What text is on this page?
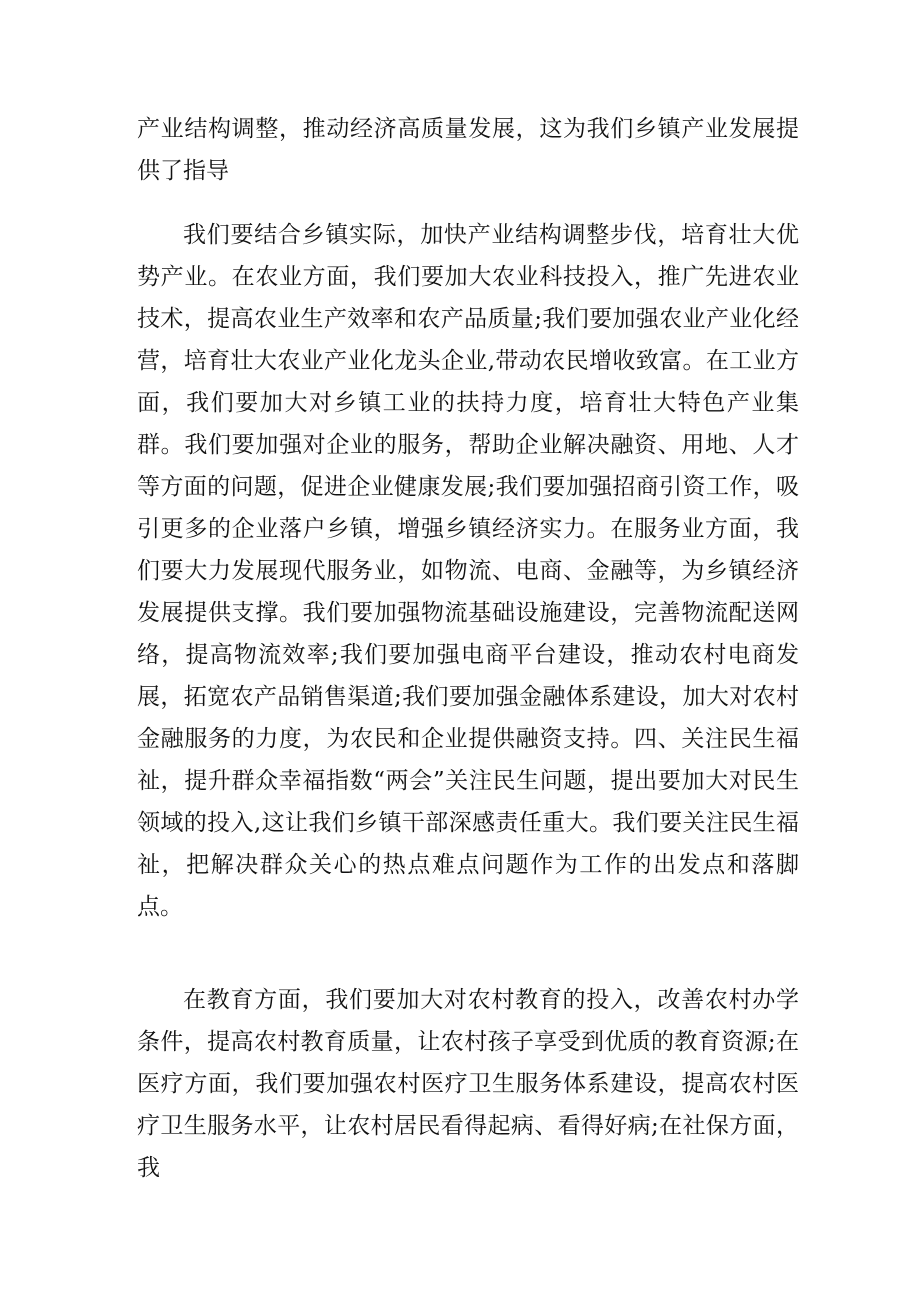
产业结构调整，推动经济高质量发展，这为我们乡镇产业发展提供了指导
我们要结合乡镇实际，加快产业结构调整步伐，培育壮大优势产业。在农业方面，我们要加大农业科技投入，推广先进农业技术，提高农业生产效率和农产品质量;我们要加强农业产业化经营，培育壮大农业产业化龙头企业,带动农民增收致富。在工业方面，我们要加大对乡镇工业的扶持力度，培育壮大特色产业集群。我们要加强对企业的服务，帮助企业解决融资、用地、人才等方面的问题，促进企业健康发展;我们要加强招商引资工作，吸引更多的企业落户乡镇，增强乡镇经济实力。在服务业方面，我们要大力发展现代服务业，如物流、电商、金融等，为乡镇经济发展提供支撑。我们要加强物流基础设施建设，完善物流配送网络，提高物流效率;我们要加强电商平台建设，推动农村电商发展，拓宽农产品销售渠道;我们要加强金融体系建设，加大对农村金融服务的力度，为农民和企业提供融资支持。四、关注民生福祉，提升群众幸福指数“两会”关注民生问题，提出要加大对民生领域的投入,这让我们乡镇干部深感责任重大。我们要关注民生福祉，把解决群众关心的热点难点问题作为工作的出发点和落脚点。
在教育方面，我们要加大对农村教育的投入，改善农村办学条件，提高农村教育质量，让农村孩子享受到优质的教育资源;在医疗方面，我们要加强农村医疗卫生服务体系建设，提高农村医疗卫生服务水平，让农村居民看得起病、看得好病;在社保方面，我
